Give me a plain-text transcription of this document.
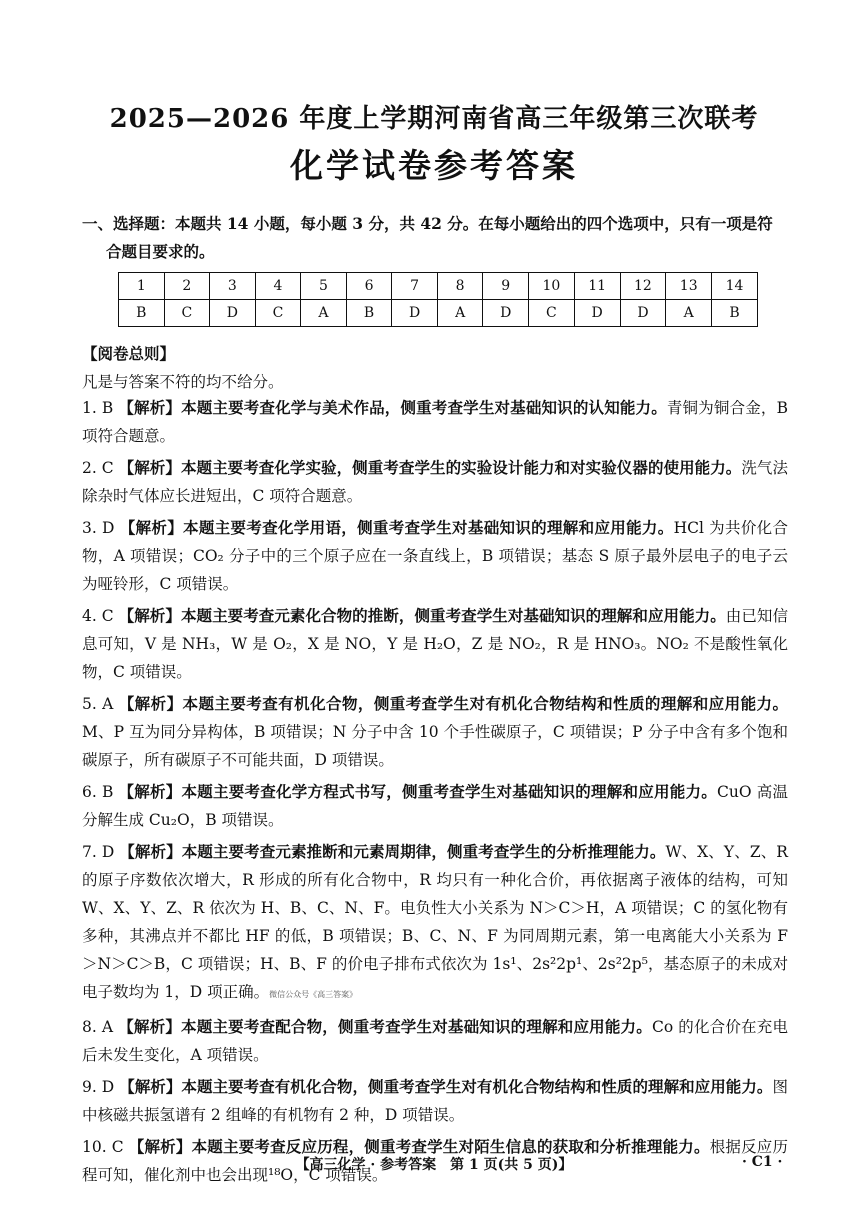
2025—2026 年度上学期河南省高三年级第三次联考
化学试卷参考答案
一、选择题：本题共 14 小题，每小题 3 分，共 42 分。在每小题给出的四个选项中，只有一项是符
合题目要求的。
1	2	3	4	5	6	7	8	9	10	11	12	13	14
B	C	D	C	A	B	D	A	D	C	D	D	A	B
【阅卷总则】
凡是与答案不符的均不给分。
1. B 【解析】本题主要考查化学与美术作品，侧重考查学生对基础知识的认知能力。青铜为铜合金，B 项符合题意。
2. C 【解析】本题主要考查化学实验，侧重考查学生的实验设计能力和对实验仪器的使用能力。洗气法除杂时气体应长进短出，C 项符合题意。
3. D 【解析】本题主要考查化学用语，侧重考查学生对基础知识的理解和应用能力。HCl 为共价化合物，A 项错误；CO₂ 分子中的三个原子应在一条直线上，B 项错误；基态 S 原子最外层电子的电子云为哑铃形，C 项错误。
4. C 【解析】本题主要考查元素化合物的推断，侧重考查学生对基础知识的理解和应用能力。由已知信息可知，V 是 NH₃，W 是 O₂，X 是 NO，Y 是 H₂O，Z 是 NO₂，R 是 HNO₃。NO₂ 不是酸性氧化物，C 项错误。
5. A 【解析】本题主要考查有机化合物，侧重考查学生对有机化合物结构和性质的理解和应用能力。M、P 互为同分异构体，B 项错误；N 分子中含 10 个手性碳原子，C 项错误；P 分子中含有多个饱和碳原子，所有碳原子不可能共面，D 项错误。
6. B 【解析】本题主要考查化学方程式书写，侧重考查学生对基础知识的理解和应用能力。CuO 高温分解生成 Cu₂O，B 项错误。
7. D 【解析】本题主要考查元素推断和元素周期律，侧重考查学生的分析推理能力。W、X、Y、Z、R 的原子序数依次增大，R 形成的所有化合物中，R 均只有一种化合价，再依据离子液体的结构，可知 W、X、Y、Z、R 依次为 H、B、C、N、F。电负性大小关系为 N＞C＞H，A 项错误；C 的氢化物有多种，其沸点并不都比 HF 的低，B 项错误；B、C、N、F 为同周期元素，第一电离能大小关系为 F＞N＞C＞B，C 项错误；H、B、F 的价电子排布式依次为 1s¹、2s²2p¹、2s²2p⁵，基态原子的未成对电子数均为 1，D 项正确。微信公众号《高三答案》
8. A 【解析】本题主要考查配合物，侧重考查学生对基础知识的理解和应用能力。Co 的化合价在充电后未发生变化，A 项错误。
9. D 【解析】本题主要考查有机化合物，侧重考查学生对有机化合物结构和性质的理解和应用能力。图中核磁共振氢谱有 2 组峰的有机物有 2 种，D 项错误。
10. C 【解析】本题主要考查反应历程，侧重考查学生对陌生信息的获取和分析推理能力。根据反应历程可知，催化剂中也会出现¹⁸O，C 项错误。
【高三化学 · 参考答案　第 1 页(共 5 页)】	· C1 ·
